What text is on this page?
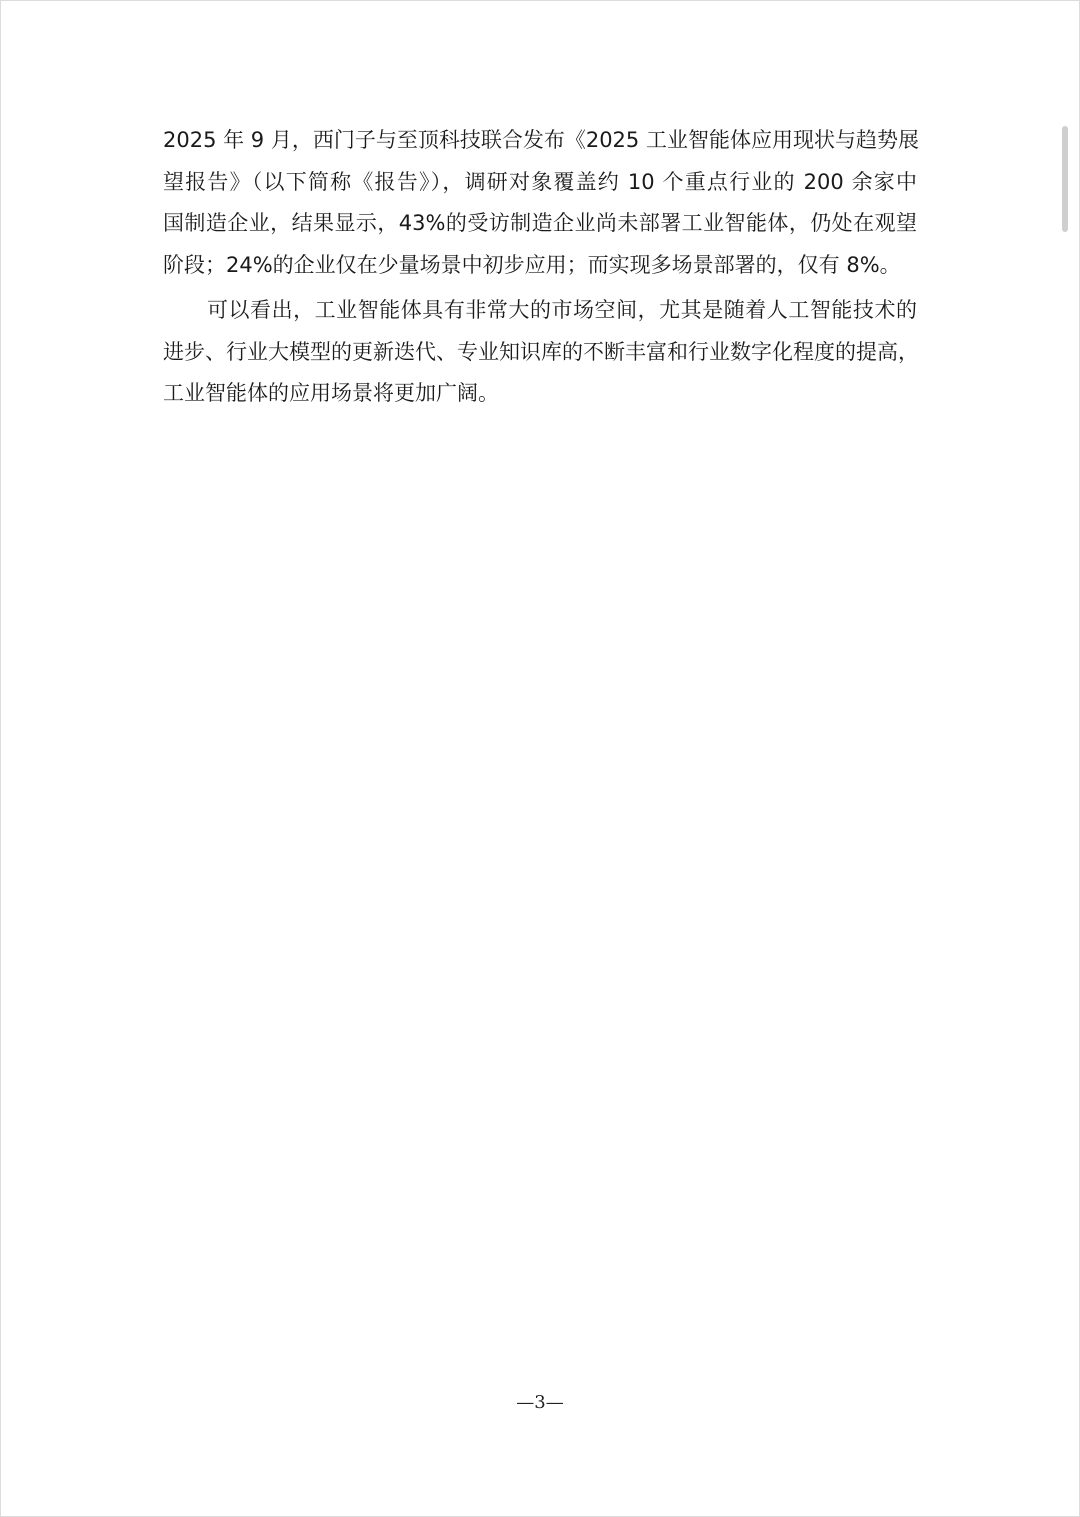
2025 年 9 月，西门子与至顶科技联合发布《2025 工业智能体应用现状与趋势展
望报告》（以下简称《报告》），调研对象覆盖约 10 个重点行业的 200 余家中
国制造企业，结果显示，43%的受访制造企业尚未部署工业智能体，仍处在观望
阶段；24%的企业仅在少量场景中初步应用；而实现多场景部署的，仅有 8%。
可以看出，工业智能体具有非常大的市场空间，尤其是随着人工智能技术的
进步、行业大模型的更新迭代、专业知识库的不断丰富和行业数字化程度的提高，
工业智能体的应用场景将更加广阔。
—3—
